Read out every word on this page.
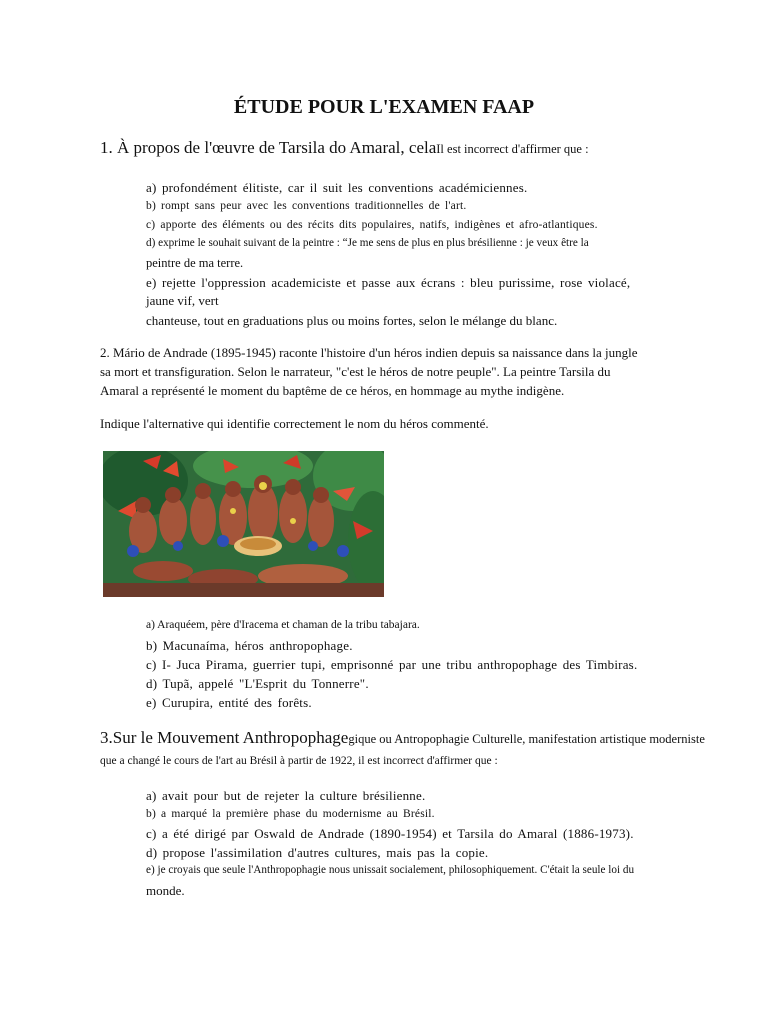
ÉTUDE POUR L'EXAMEN FAAP
1. À propos de l'œuvre de Tarsila do Amaral, celaIl est incorrect d'affirmer que :
a) profondément élitiste, car il suit les conventions académiciennes.
b) rompt sans peur avec les conventions traditionnelles de l'art.
c) apporte des éléments ou des récits dits populaires, natifs, indigènes et afro-atlantiques.
d) exprime le souhait suivant de la peintre : “Je me sens de plus en plus brésilienne : je veux être la
peintre de ma terre.
e) rejette l'oppression academiciste et passe aux écrans : bleu purissime, rose violacé,
jaune vif, vert
chanteuse, tout en graduations plus ou moins fortes, selon le mélange du blanc.
2. Mário de Andrade (1895-1945) raconte l'histoire d'un héros indien depuis sa naissance dans la jungle
sa mort et transfiguration. Selon le narrateur, "c'est le héros de notre peuple". La peintre Tarsila du
Amaral a représenté le moment du baptême de ce héros, en hommage au mythe indigène.
Indique l'alternative qui identifie correctement le nom du héros commenté.
a) Araquéem, père d'Iracema et chaman de la tribu tabajara.
b) Macunaíma, héros anthropophage.
c) I- Juca Pirama, guerrier tupi, emprisonné par une tribu anthropophage des Timbiras.
d) Tupã, appelé "L'Esprit du Tonnerre".
e) Curupira, entité des forêts.
3.Sur le Mouvement Anthropophagegique ou Antropophagie Culturelle, manifestation artistique moderniste
que a changé le cours de l'art au Brésil à partir de 1922, il est incorrect d'affirmer que :
a) avait pour but de rejeter la culture brésilienne.
b) a marqué la première phase du modernisme au Brésil.
c) a été dirigé par Oswald de Andrade (1890-1954) et Tarsila do Amaral (1886-1973).
d) propose l'assimilation d'autres cultures, mais pas la copie.
e) je croyais que seule l'Anthropophagie nous unissait socialement, philosophiquement. C'était la seule loi du
monde.
